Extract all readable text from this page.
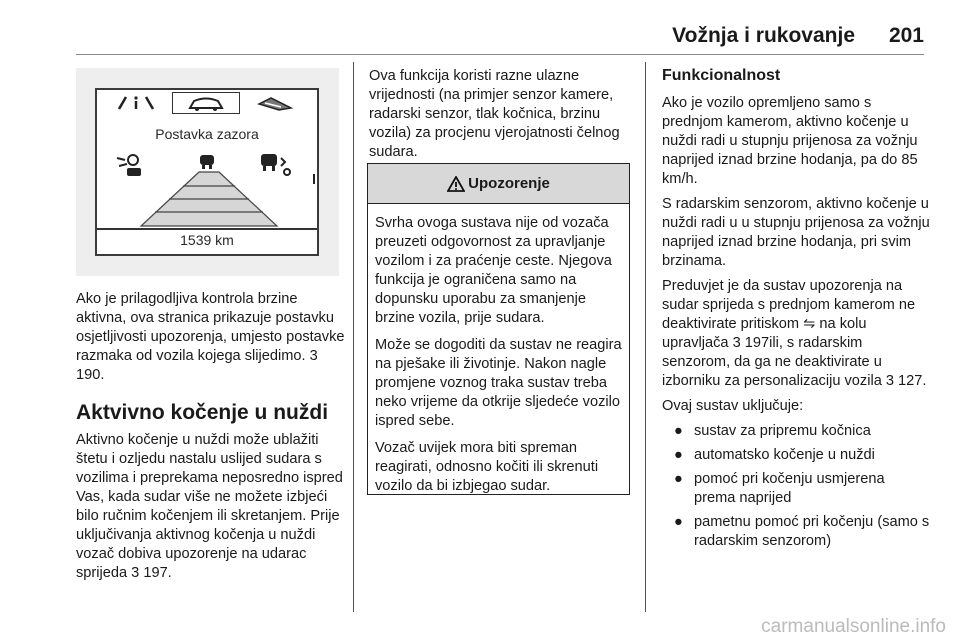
Vožnja i rukovanje 201
Postavka zazora
1539 km

Ako je prilagodljiva kontrola brzine aktivna, ova stranica prikazuje postavku osjetljivosti upozorenja, umjesto postavke razmaka od vozila kojega slijedimo. 3 190.

Aktvivno kočenje u nuždi

Aktivno kočenje u nuždi može ublažiti štetu i ozljedu nastalu uslijed sudara s vozilima i preprekama neposredno ispred Vas, kada sudar više ne možete izbjeći bilo ručnim kočenjem ili skretanjem. Prije uključivanja aktivnog kočenja u nuždi vozač dobiva upozorenje na udarac sprijeda 3 197.

Ova funkcija koristi razne ulazne vrijednosti (na primjer senzor kamere, radarski senzor, tlak kočnica, brzinu vozila) za procjenu vjerojatnosti čelnog sudara.

Upozorenje

Svrha ovoga sustava nije od vozača preuzeti odgovornost za upravljanje vozilom i za praćenje ceste. Njegova funkcija je ograničena samo na dopunsku uporabu za smanjenje brzine vozila, prije sudara.

Može se dogoditi da sustav ne reagira na pješake ili životinje. Nakon nagle promjene voznog traka sustav treba neko vrijeme da otkrije sljedeće vozilo ispred sebe.

Vozač uvijek mora biti spreman reagirati, odnosno kočiti ili skrenuti vozilo da bi izbjegao sudar.

Funkcionalnost

Ako je vozilo opremljeno samo s prednjom kamerom, aktivno kočenje u nuždi radi u stupnju prijenosa za vožnju naprijed iznad brzine hodanja, pa do 85 km/h.

S radarskim senzorom, aktivno kočenje u nuždi radi u u stupnju prijenosa za vožnju naprijed iznad brzine hodanja, pri svim brzinama.

Preduvjet je da sustav upozorenja na sudar sprijeda s prednjom kamerom ne deaktivirate pritiskom ⇋ na kolu upravljača 3 197ili, s radarskim senzorom, da ga ne deaktivirate u izborniku za personalizaciju vozila 3 127.

Ovaj sustav uključuje:

● sustav za pripremu kočnica
● automatsko kočenje u nuždi
● pomoć pri kočenju usmjerena prema naprijed
● pametnu pomoć pri kočenju (samo s radarskim senzorom)
carmanualsonline.info
